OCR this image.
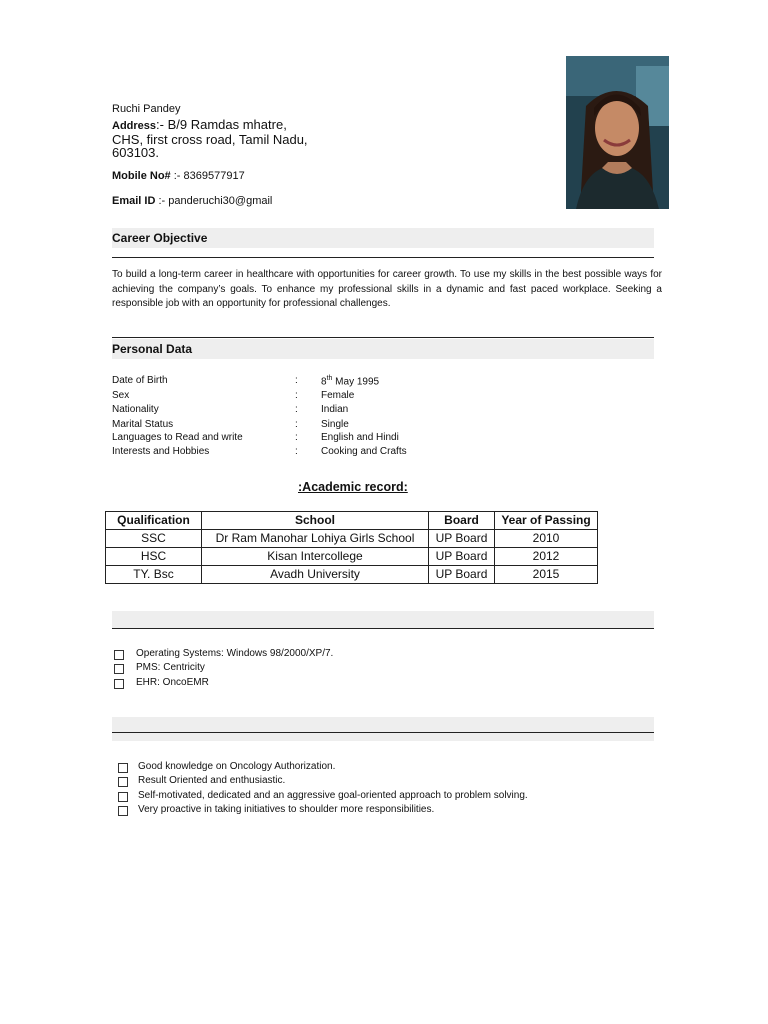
Ruchi Pandey
Address:- B/9 Ramdas mhatre, CHS, first cross road, Tamil Nadu, 603103.
Mobile No# :- 8369577917
Email ID :- panderuchi30@gmail
Career Objective
To build a long-term career in healthcare with opportunities for career growth. To use my skills in the best possible ways for achieving the company’s goals. To enhance my professional skills in a dynamic and fast paced workplace. Seeking a responsible job with an opportunity for professional challenges.
Personal Data
Date of Birth	: 8th May 1995
Sex	: Female
Nationality	: Indian
Marital Status	: Single
Languages to Read and write	: English and Hindi
Interests and Hobbies	: Cooking and Crafts
:Academic record:
Qualification	School	Board	Year of Passing
SSC	Dr Ram Manohar Lohiya Girls School	UP Board	2010
HSC	Kisan Intercollege	UP Board	2012
TY. Bsc	Avadh University	UP Board	2015
Operating Systems: Windows 98/2000/XP/7.
PMS: Centricity
EHR: OncoEMR
Good knowledge on Oncology Authorization.
Result Oriented and enthusiastic.
Self-motivated, dedicated and an aggressive goal-oriented approach to problem solving.
Very proactive in taking initiatives to shoulder more responsibilities.
